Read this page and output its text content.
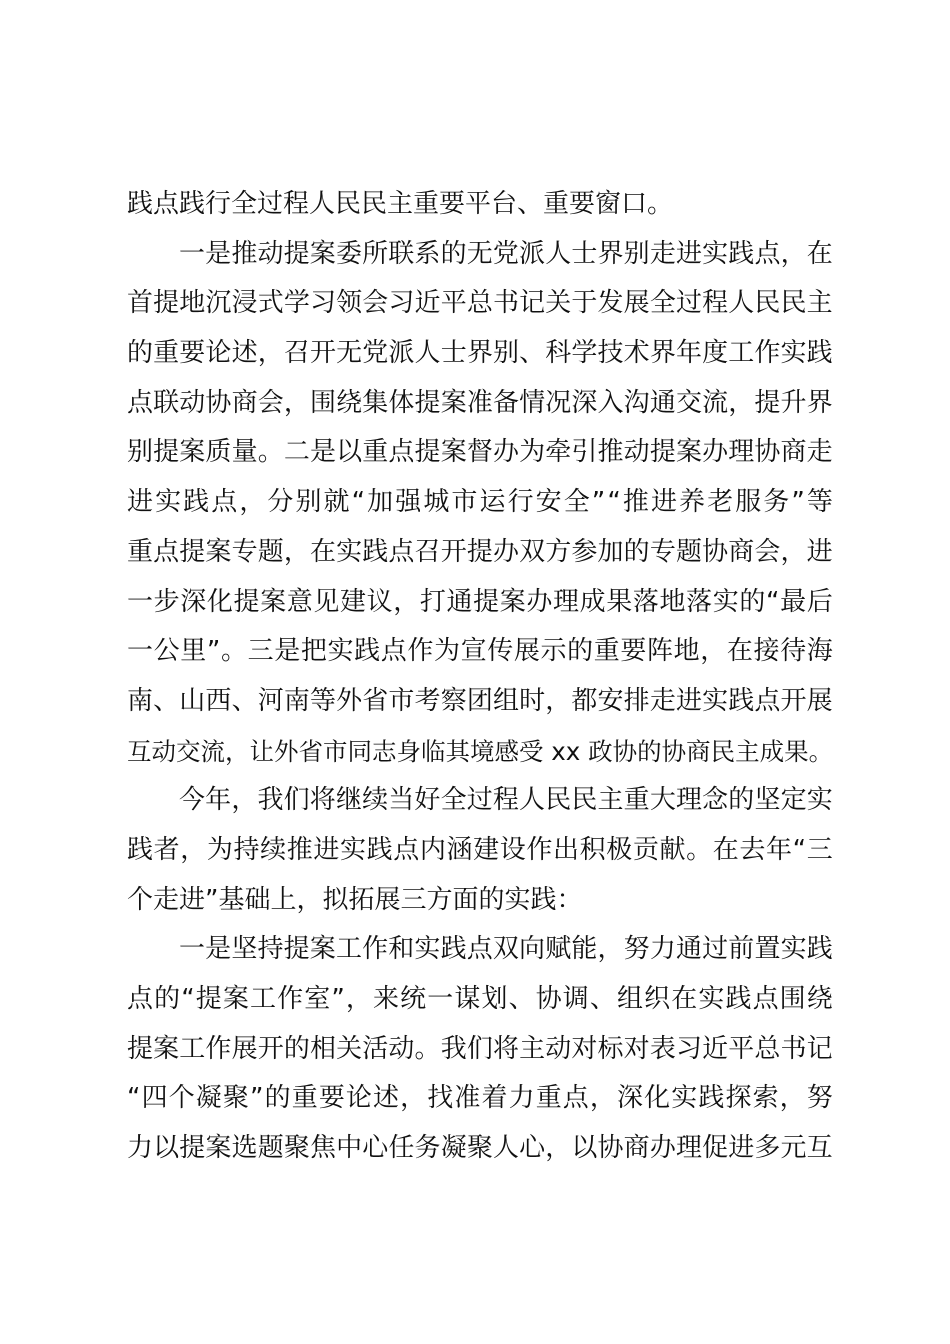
践点践行全过程人民民主重要平台、重要窗口。
一 是 推 动 提 案 委 所 联 系 的 无 党 派 人 士 界 别 走 进 实 践 点 ， 在
首 提 地 沉 浸 式 学 习 领 会 习 近 平 总 书 记 关 于 发 展 全 过 程 人 民 民 主
的 重 要 论 述 ， 召 开 无 党 派 人 士 界 别 、 科 学 技 术 界 年 度 工 作 实 践
点 联 动 协 商 会 ， 围 绕 集 体 提 案 准 备 情 况 深 入 沟 通 交 流 ， 提 升 界
别 提 案 质 量 。 二 是 以 重 点 提 案 督 办 为 牵 引 推 动 提 案 办 理 协 商 走
进 实 践 点 ， 分 别 就 “ 加 强 城 市 运 行 安 全 ” “ 推 进 养 老 服 务 ” 等
重 点 提 案 专 题 ， 在 实 践 点 召 开 提 办 双 方 参 加 的 专 题 协 商 会 ， 进
一 步 深 化 提 案 意 见 建 议 ， 打 通 提 案 办 理 成 果 落 地 落 实 的 “ 最 后
一 公 里 ” 。 三 是 把 实 践 点 作 为 宣 传 展 示 的 重 要 阵 地 ， 在 接 待 海
南 、 山 西 、 河 南 等 外 省 市 考 察 团 组 时 ， 都 安 排 走 进 实 践 点 开 展
互动交流，让外省市同志身临其境感受 xx 政协的协商民主成果。
今 年 ， 我 们 将 继 续 当 好 全 过 程 人 民 民 主 重 大 理 念 的 坚 定 实
践 者 ， 为 持 续 推 进 实 践 点 内 涵 建 设 作 出 积 极 贡 献 。 在 去 年 “ 三
个走进”基础上，拟拓展三方面的实践：
一 是 坚 持 提 案 工 作 和 实 践 点 双 向 赋 能 ， 努 力 通 过 前 置 实 践
点 的 “ 提 案 工 作 室 ” ， 来 统 一 谋 划 、 协 调 、 组 织 在 实 践 点 围 绕
提 案 工 作 展 开 的 相 关 活 动 。 我 们 将 主 动 对 标 对 表 习 近 平 总 书 记
“ 四 个 凝 聚 ” 的 重 要 论 述 ， 找 准 着 力 重 点 ， 深 化 实 践 探 索 ， 努
力 以 提 案 选 题 聚 焦 中 心 任 务 凝 聚 人 心 ， 以 协 商 办 理 促 进 多 元 互
